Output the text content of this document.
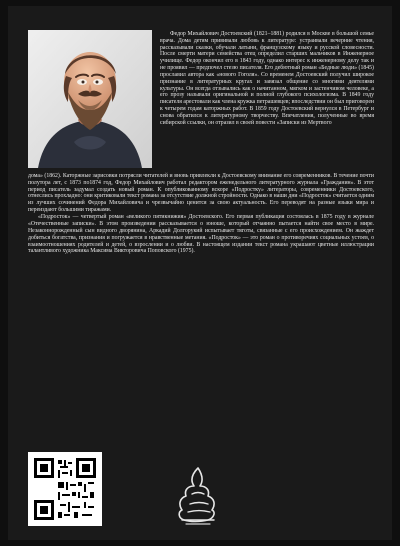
Федор Михайлович Достоевский (1821–1881) родился в Москве в большой семье врача. Дома детям прививали любовь к литературе: устраивали вечерние чтения, рассказывали сказки, обучали латыни, французскому языку и русской словесности. После смерти матери семейства отец определил старших мальчиков в Инженерное училище. Федор окончил его в 1843 году, однако интерес к инженерному делу так и не проявил — предпочел стезю писателя. Его дебютный роман «Бедные люди» (1845) прославил автора как «нового Гоголя». Со временем Достоевский получил широкое признание в литературных кругах и завязал общение со многими деятелями культуры. Он всегда отзывались как о начитанном, мягком и застенчивом человеке, а его прозу называли оригинальной и полной глубокого психологизма. В 1849 году писателя арестовали как члена кружка петрашевцев; впоследствии он был приговорен к четырем годам каторжных работ. В 1859 году Достоевский вернулся в Петербург и снова обратился к литературному творчеству. Впечатления, полученные во время сибирской ссылки, он отразил в своей повести «Записки из Мертвого

дома» (1862). Каторжные зарисовки потрясли читателей и вновь привлекли к Достоевскому внимание его современников. В течение почти полутора лет, с 1873 по1874 год, Федор Михайлович работал редактором еженедельного литературного журнала «Гражданин». В этот период писатель задумал создать новый роман. К опубликованному вскоре «Подростку» литераторы, современники Достоевского, отнеслись прохладно: они критиковали текст романа за отсутствие должной стройности. Однако в наши дни «Подросток» считается одним из лучших сочинений Федора Михайловича и чрезвычайно ценится за свою актуальность. Его переводят на разные языки мира и переиздают большими тиражами.

«Подросток» — четвертый роман «великого пятикнижия» Достоевского. Его первая публикация состоялась в 1875 году в журнале «Отечественные записки». В этом произведении рассказывается о юноше, который отчаянно пытается найти свое место в мире. Незаконнорожденный сын видного дворянина, Аркадий Долгорукий испытывает тяготы, связанные с его происхождением. Он жаждет добиться богатства, признания и погружается в нравственные метания. «Подросток» — это роман о противоречиях социальных устоев, о взаимоотношениях родителей и детей, о взрослении и о любви. В настоящем издании текст романа украшают цветные иллюстрации талантливого художника Максима Викторовича Поповского (1975).
